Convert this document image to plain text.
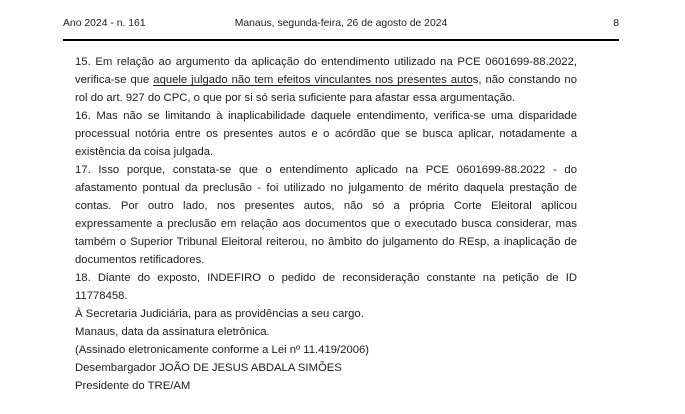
Ano 2024 - n. 161	Manaus, segunda-feira, 26 de agosto de 2024	8
15. Em relação ao argumento da aplicação do entendimento utilizado na PCE 0601699-88.2022,
verifica-se que aquele julgado não tem efeitos vinculantes nos presentes autos, não constando no
rol do art. 927 do CPC, o que por si só seria suficiente para afastar essa argumentação.
16. Mas não se limitando à inaplicabilidade daquele entendimento, verifica-se uma disparidade
processual notória entre os presentes autos e o acórdão que se busca aplicar, notadamente a
existência da coisa julgada.
17. Isso porque, constata-se que o entendimento aplicado na PCE 0601699-88.2022 - do
afastamento pontual da preclusão - foi utilizado no julgamento de mérito daquela prestação de
contas. Por outro lado, nos presentes autos, não só a própria Corte Eleitoral aplicou
expressamente a preclusão em relação aos documentos que o executado busca considerar, mas
também o Superior Tribunal Eleitoral reiterou, no âmbito do julgamento do REsp, a inaplicação de
documentos retificadores.
18. Diante do exposto, INDEFIRO o pedido de reconsideração constante na petição de ID
11778458.
À Secretaria Judiciária, para as providências a seu cargo.
Manaus, data da assinatura eletrônica.
(Assinado eletronicamente conforme a Lei nº 11.419/2006)
Desembargador JOÃO DE JESUS ABDALA SIMÕES
Presidente do TRE/AM
